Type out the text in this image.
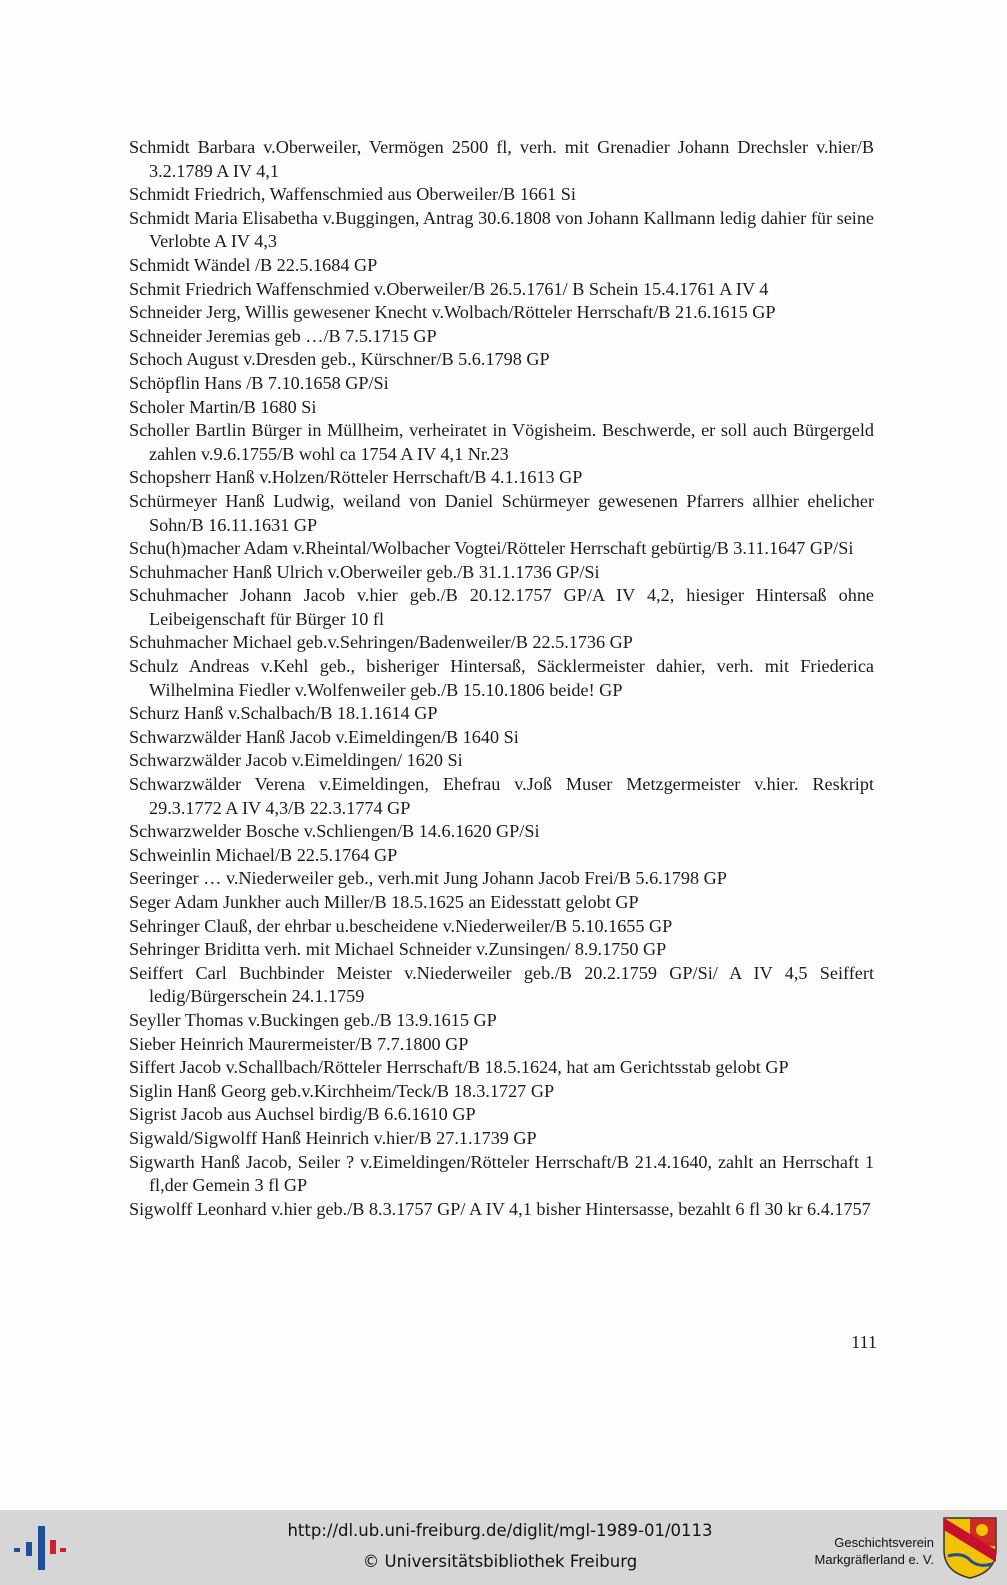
Schmidt Barbara v.Oberweiler, Vermögen 2500 fl, verh. mit Grenadier Johann Drechsler v.hier/B 3.2.1789 A IV 4,1
Schmidt Friedrich, Waffenschmied aus Oberweiler/B 1661 Si
Schmidt Maria Elisabetha v.Buggingen, Antrag 30.6.1808 von Johann Kallmann ledig dahier für seine Verlobte A IV 4,3
Schmidt Wändel /B 22.5.1684 GP
Schmit Friedrich Waffenschmied v.Oberweiler/B 26.5.1761/ B Schein 15.4.1761 A IV 4
Schneider Jerg, Willis gewesener Knecht v.Wolbach/Rötteler Herrschaft/B 21.6.1615 GP
Schneider Jeremias geb …/B 7.5.1715 GP
Schoch August v.Dresden geb., Kürschner/B 5.6.1798 GP
Schöpflin Hans /B 7.10.1658 GP/Si
Scholer Martin/B 1680 Si
Scholler Bartlin Bürger in Müllheim, verheiratet in Vögisheim. Beschwerde, er soll auch Bürgergeld zahlen v.9.6.1755/B wohl ca 1754 A IV 4,1 Nr.23
Schopsherr Hanß v.Holzen/Rötteler Herrschaft/B 4.1.1613 GP
Schürmeyer Hanß Ludwig, weiland von Daniel Schürmeyer gewesenen Pfarrers allhier ehelicher Sohn/B 16.11.1631 GP
Schu(h)macher Adam v.Rheintal/Wolbacher Vogtei/Rötteler Herrschaft gebürtig/B 3.11.1647 GP/Si
Schuhmacher Hanß Ulrich v.Oberweiler geb./B 31.1.1736 GP/Si
Schuhmacher Johann Jacob v.hier geb./B 20.12.1757 GP/A IV 4,2, hiesiger Hintersaß ohne Leibeigenschaft für Bürger 10 fl
Schuhmacher Michael geb.v.Sehringen/Badenweiler/B 22.5.1736 GP
Schulz Andreas v.Kehl geb., bisheriger Hintersaß, Säcklermeister dahier, verh. mit Friederica Wilhelmina Fiedler v.Wolfenweiler geb./B 15.10.1806 beide! GP
Schurz Hanß v.Schalbach/B 18.1.1614 GP
Schwarzwälder Hanß Jacob v.Eimeldingen/B 1640 Si
Schwarzwälder Jacob v.Eimeldingen/ 1620 Si
Schwarzwälder Verena v.Eimeldingen, Ehefrau v.Joß Muser Metzgermeister v.hier. Reskript 29.3.1772 A IV 4,3/B 22.3.1774 GP
Schwarzwelder Bosche v.Schliengen/B 14.6.1620 GP/Si
Schweinlin Michael/B 22.5.1764 GP
Seeringer … v.Niederweiler geb., verh.mit Jung Johann Jacob Frei/B 5.6.1798 GP
Seger Adam Junkher auch Miller/B 18.5.1625 an Eidesstatt gelobt GP
Sehringer Clauß, der ehrbar u.bescheidene v.Niederweiler/B 5.10.1655 GP
Sehringer Briditta verh. mit Michael Schneider v.Zunsingen/ 8.9.1750 GP
Seiffert Carl Buchbinder Meister v.Niederweiler geb./B 20.2.1759 GP/Si/ A IV 4,5 Seiffert ledig/Bürgerschein 24.1.1759
Seyller Thomas v.Buckingen geb./B 13.9.1615 GP
Sieber Heinrich Maurermeister/B 7.7.1800 GP
Siffert Jacob v.Schallbach/Rötteler Herrschaft/B 18.5.1624, hat am Gerichtsstab gelobt GP
Siglin Hanß Georg geb.v.Kirchheim/Teck/B 18.3.1727 GP
Sigrist Jacob aus Auchsel birdig/B 6.6.1610 GP
Sigwald/Sigwolff Hanß Heinrich v.hier/B 27.1.1739 GP
Sigwarth Hanß Jacob, Seiler ? v.Eimeldingen/Rötteler Herrschaft/B 21.4.1640, zahlt an Herrschaft 1 fl,der Gemein 3 fl GP
Sigwolff Leonhard v.hier geb./B 8.3.1757 GP/ A IV 4,1 bisher Hintersasse, bezahlt 6 fl 30 kr 6.4.1757
111
http://dl.ub.uni-freiburg.de/diglit/mgl-1989-01/0113
© Universitätsbibliothek Freiburg
Geschichtsverein
Markgräflerland e. V.
